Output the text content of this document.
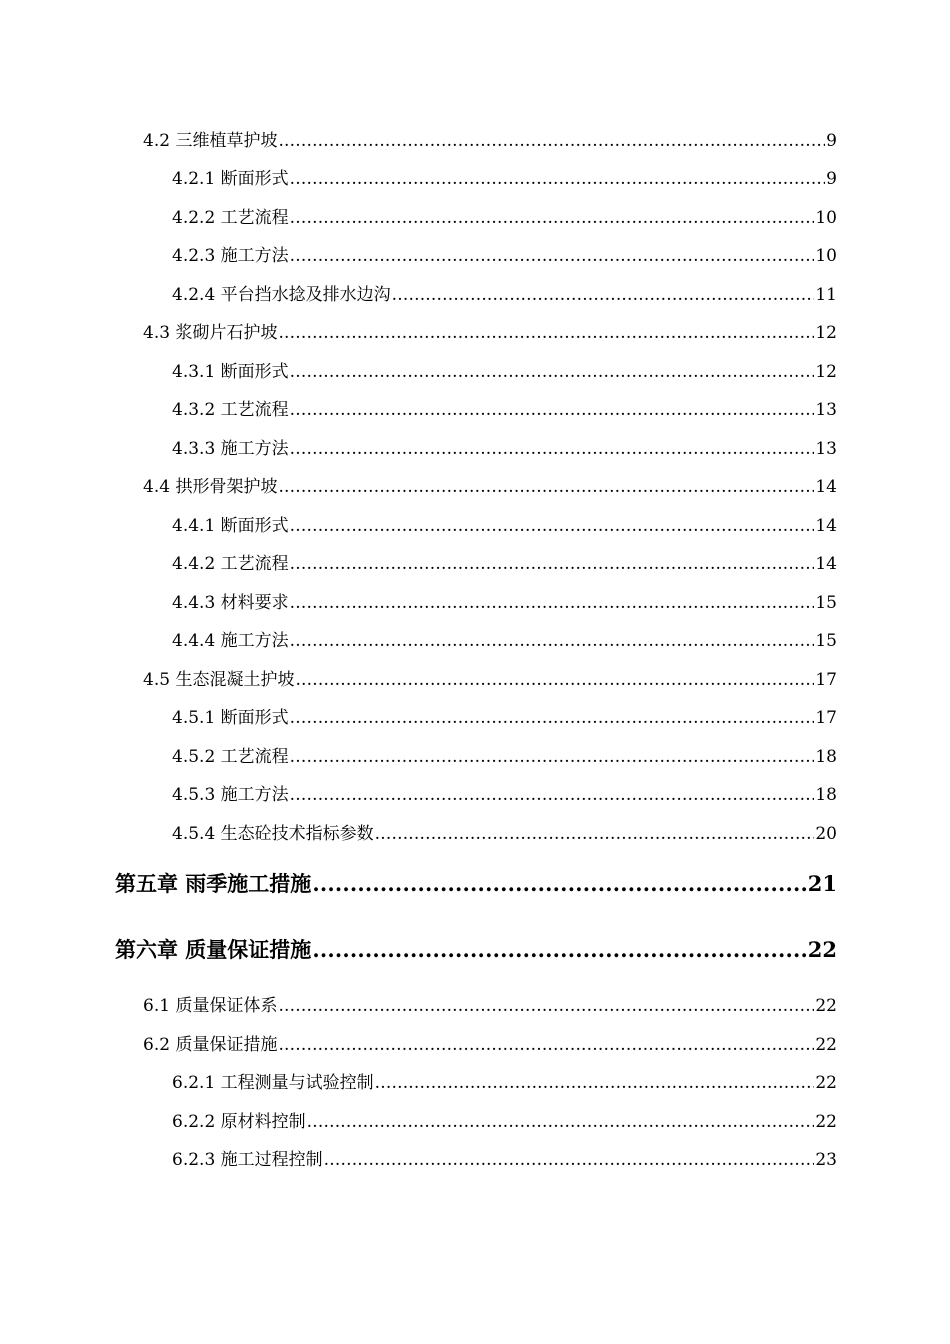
4.2 三维植草护坡 .....	9
4.2.1 断面形式 .....	9
4.2.2 工艺流程 .....	10
4.2.3 施工方法 .....	10
4.2.4 平台挡水捻及排水边沟 .....	11
4.3 浆砌片石护坡 .....	12
4.3.1 断面形式 .....	12
4.3.2 工艺流程 .....	13
4.3.3 施工方法 .....	13
4.4 拱形骨架护坡 .....	14
4.4.1 断面形式 .....	14
4.4.2 工艺流程 .....	14
4.4.3 材料要求 .....	15
4.4.4 施工方法 .....	15
4.5 生态混凝土护坡 .....	17
4.5.1 断面形式 .....	17
4.5.2 工艺流程 .....	18
4.5.3 施工方法 .....	18
4.5.4 生态砼技术指标参数 .....	20
第五章 雨季施工措施 .....	21
第六章 质量保证措施 .....	22
6.1 质量保证体系 .....	22
6.2 质量保证措施 .....	22
6.2.1 工程测量与试验控制 .....	22
6.2.2 原材料控制 .....	22
6.2.3 施工过程控制 .....	23
